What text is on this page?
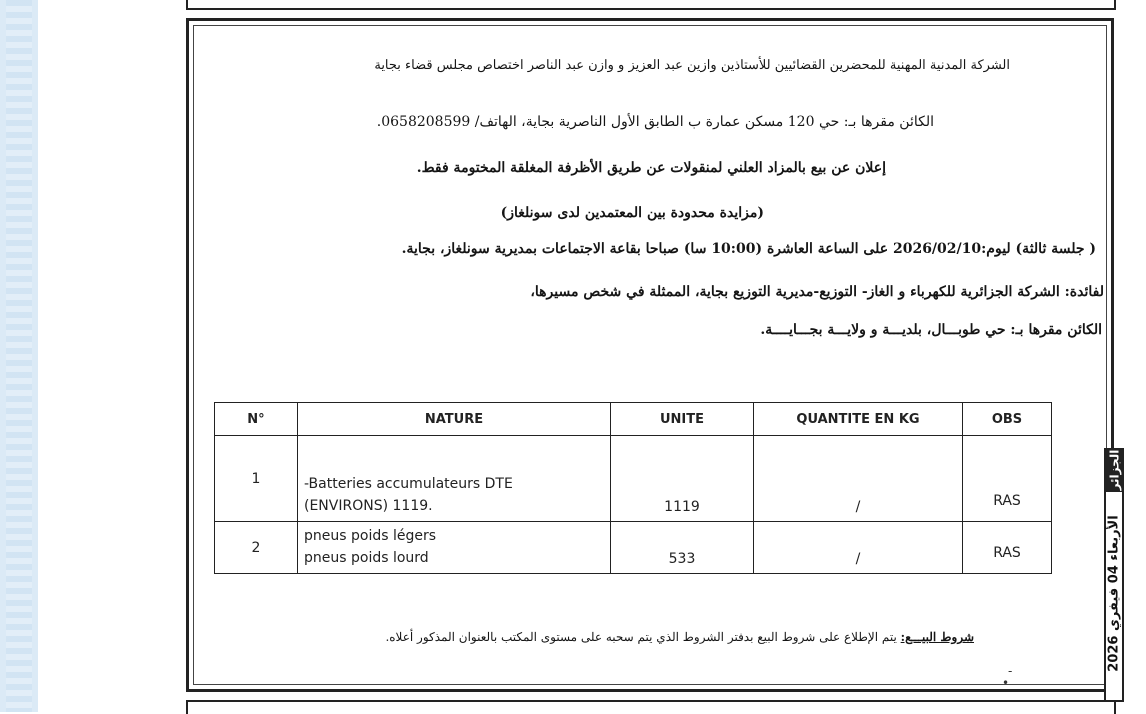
الشركة المدنية المهنية للمحضرين القضائيين للأستاذين وازين عبد العزيز و وازن عبد الناصر اختصاص مجلس قضاء بجاية
الكائن مقرها بـ: حي 120 مسكن عمارة ب الطابق الأول الناصرية بجاية، الهاتف/ 0658208599.
إعلان عن بيع بالمزاد العلني لمنقولات عن طريق الأظرفة المغلقة المختومة فقط.
(مزايدة محدودة بين المعتمدين لدى سونلغاز)
( جلسة ثالثة) ليوم:2026/02/10 على الساعة العاشرة (10:00 سا) صباحا بقاعة الاجتماعات بمديرية سونلغاز، بجاية.
لفائدة: الشركة الجزائرية للكهرباء و الغاز- التوزيع-مديرية التوزيع بجاية، الممثلة في شخص مسيرها،
الكائن مقرها بـ: حي طوبـــال، بلديـــة و ولايـــة بجـــايــــة.
N°	NATURE	UNITE	QUANTITE EN KG	OBS
1	-Batteries accumulateurs DTE
(ENVIRONS) 1119.	1119	/	RAS
2	pneus poids légers
pneus poids lourd	533	/	RAS
شروط البيـــع: يتم الإطلاع على شروط البيع بدفتر الشروط الذي يتم سحبه على مستوى المكتب بالعنوان المذكور أعلاه.
-
•
الأربعاء 04 فيفري 2026
الجزائر
